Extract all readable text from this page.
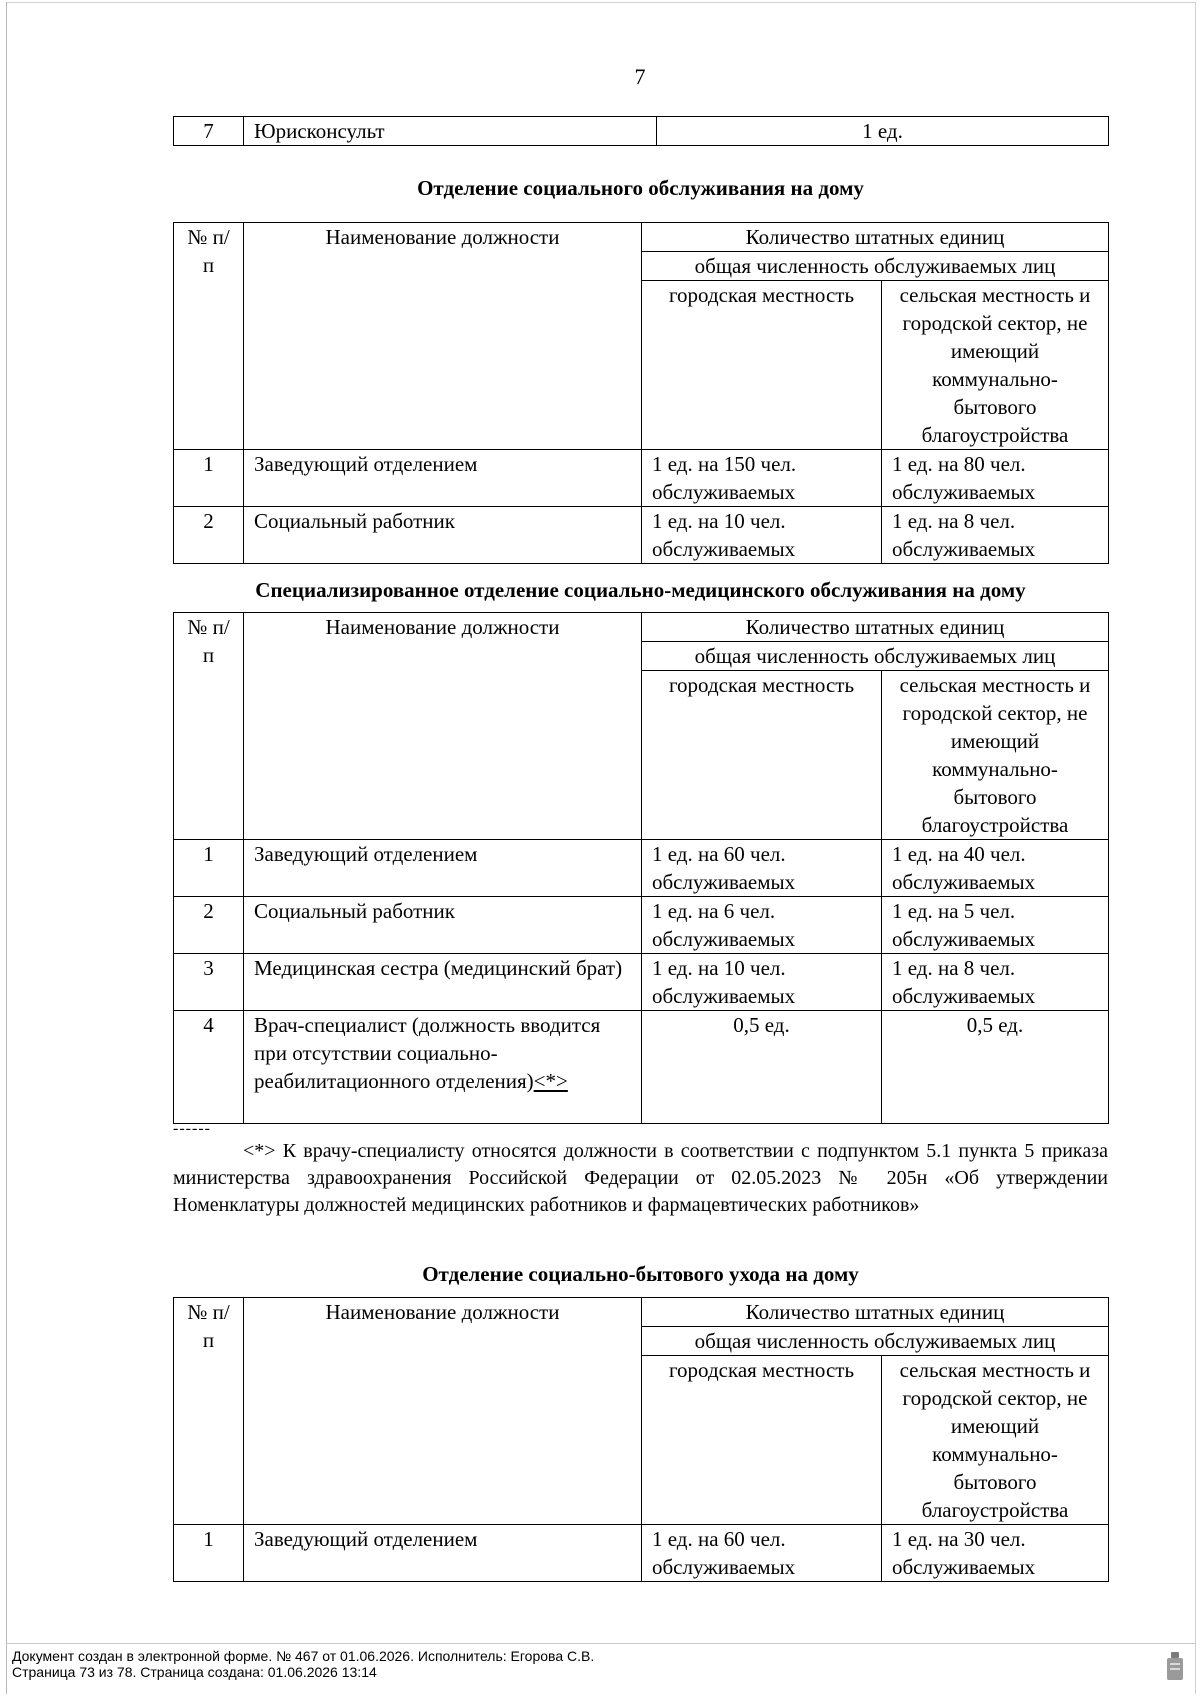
7
7	Юрисконсульт	1 ед.
Отделение социального обслуживания на дому
№ п/п	Наименование должности	Количество штатных единиц	
		общая численность обслуживаемых лиц	
		городская местность	сельская местность и городской сектор, не имеющий коммунально-бытового благоустройства
1	Заведующий отделением	1 ед. на 150 чел. обслуживаемых	1 ед. на 80 чел. обслуживаемых
2	Социальный работник	1 ед. на 10 чел. обслуживаемых	1 ед. на 8 чел. обслуживаемых
Специализированное отделение социально-медицинского обслуживания на дому
№ п/п	Наименование должности	Количество штатных единиц	
		общая численность обслуживаемых лиц	
		городская местность	сельская местность и городской сектор, не имеющий коммунально-бытового благоустройства
1	Заведующий отделением	1 ед. на 60 чел. обслуживаемых	1 ед. на 40 чел. обслуживаемых
2	Социальный работник	1 ед. на 6 чел. обслуживаемых	1 ед. на 5 чел. обслуживаемых
3	Медицинская сестра (медицинский брат)	1 ед. на 10 чел. обслуживаемых	1 ед. на 8 чел. обслуживаемых
4	Врач-специалист (должность вводится при отсутствии социально-реабилитационного отделения)<*>	0,5 ед.	0,5 ед.
------
<*> К врачу-специалисту относятся должности в соответствии с подпунктом 5.1 пункта 5 приказа министерства здравоохранения Российской Федерации от 02.05.2023 № 205н «Об утверждении Номенклатуры должностей медицинских работников и фармацевтических работников»
Отделение социально-бытового ухода на дому
№ п/п	Наименование должности	Количество штатных единиц	
		общая численность обслуживаемых лиц	
		городская местность	сельская местность и городской сектор, не имеющий коммунально-бытового благоустройства
1	Заведующий отделением	1 ед. на 60 чел. обслуживаемых	1 ед. на 30 чел. обслуживаемых
Документ создан в электронной форме. № 467 от 01.06.2026. Исполнитель: Егорова С.В.
Страница 73 из 78. Страница создана: 01.06.2026 13:14
